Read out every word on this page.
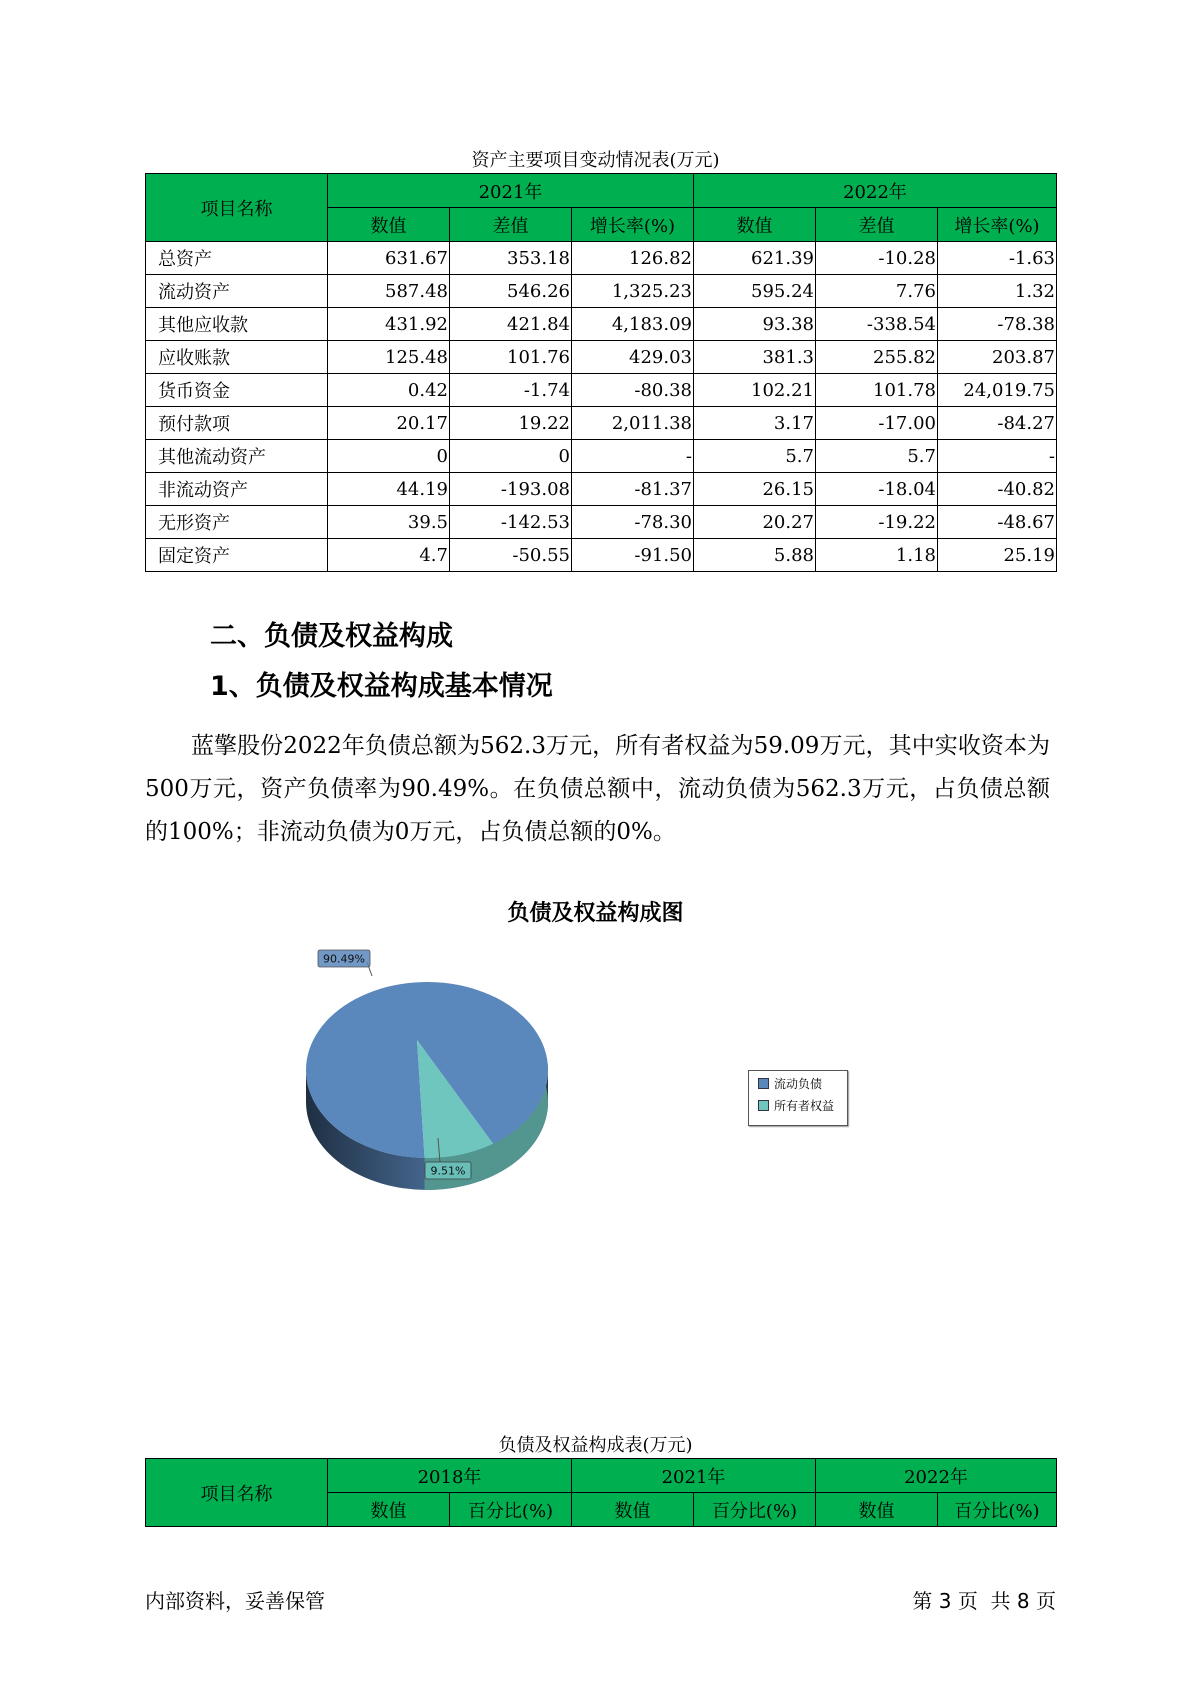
资产主要项目变动情况表(万元)
项目名称	2021年			2022年		
	数值	差值	增长率(%)	数值	差值	增长率(%)
总资产	631.67	353.18	126.82	621.39	-10.28	-1.63
流动资产	587.48	546.26	1,325.23	595.24	7.76	1.32
其他应收款	431.92	421.84	4,183.09	93.38	-338.54	-78.38
应收账款	125.48	101.76	429.03	381.3	255.82	203.87
货币资金	0.42	-1.74	-80.38	102.21	101.78	24,019.75
预付款项	20.17	19.22	2,011.38	3.17	-17.00	-84.27
其他流动资产	0	0	-	5.7	5.7	-
非流动资产	44.19	-193.08	-81.37	26.15	-18.04	-40.82
无形资产	39.5	-142.53	-78.30	20.27	-19.22	-48.67
固定资产	4.7	-50.55	-91.50	5.88	1.18	25.19
二、负债及权益构成
1、负债及权益构成基本情况
蓝擎股份2022年负债总额为562.3万元，所有者权益为59.09万元，其中实收资本为500万元，资产负债率为90.49%。在负债总额中，流动负债为562.3万元，占负债总额的100%；非流动负债为0万元，占负债总额的0%。
负债及权益构成图
90.49%
9.51%
流动负债
所有者权益
负债及权益构成表(万元)
项目名称	2018年		2021年		2022年	
	数值	百分比(%)	数值	百分比(%)	数值	百分比(%)
内部资料，妥善保管	第 3 页  共 8 页
